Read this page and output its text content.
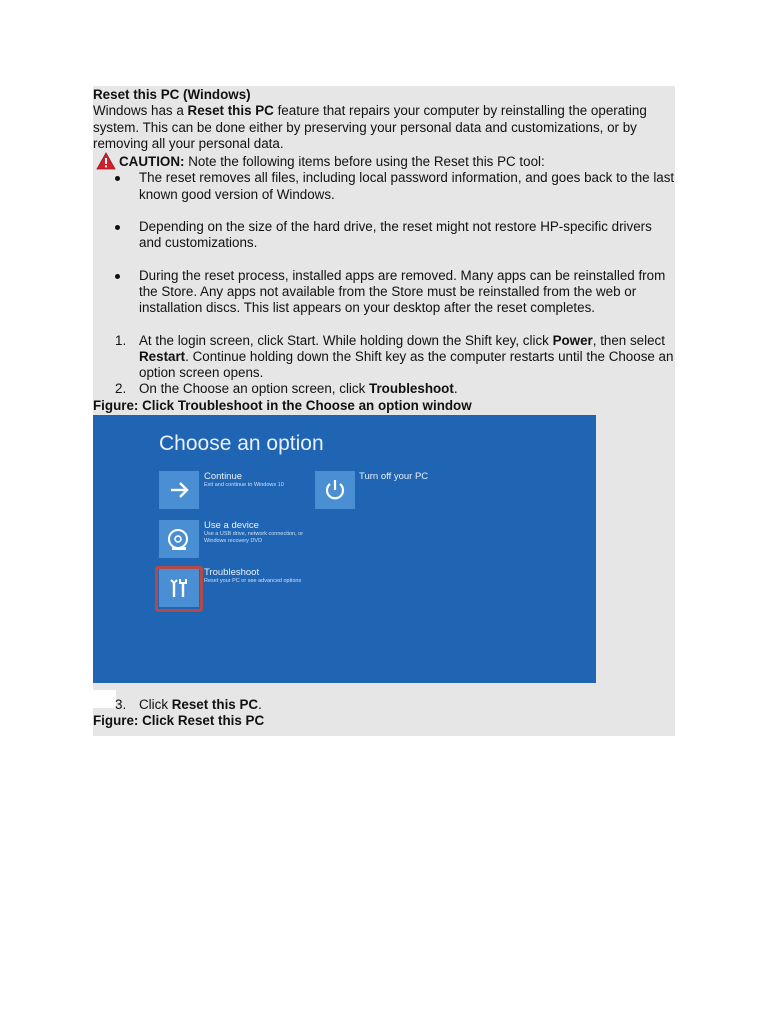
Reset this PC (Windows)

Windows has a Reset this PC feature that repairs your computer by reinstalling the operating system. This can be done either by preserving your personal data and customizations, or by removing all your personal data.

CAUTION: Note the following items before using the Reset this PC tool:
The reset removes all files, including local password information, and goes back to the last known good version of Windows.
Depending on the size of the hard drive, the reset might not restore HP-specific drivers and customizations.
During the reset process, installed apps are removed. Many apps can be reinstalled from the Store. Any apps not available from the Store must be reinstalled from the web or installation discs. This list appears on your desktop after the reset completes.
1. At the login screen, click Start. While holding down the Shift key, click Power, then select Restart. Continue holding down the Shift key as the computer restarts until the Choose an option screen opens.
2. On the Choose an option screen, click Troubleshoot.
Figure: Click Troubleshoot in the Choose an option window
Choose an option
Continue
Exit and continue to Windows 10
Turn off your PC
Use a device
Use a USB drive, network connection, or Windows recovery DVD
Troubleshoot
Reset your PC or see advanced options
3. Click Reset this PC.
Figure: Click Reset this PC
